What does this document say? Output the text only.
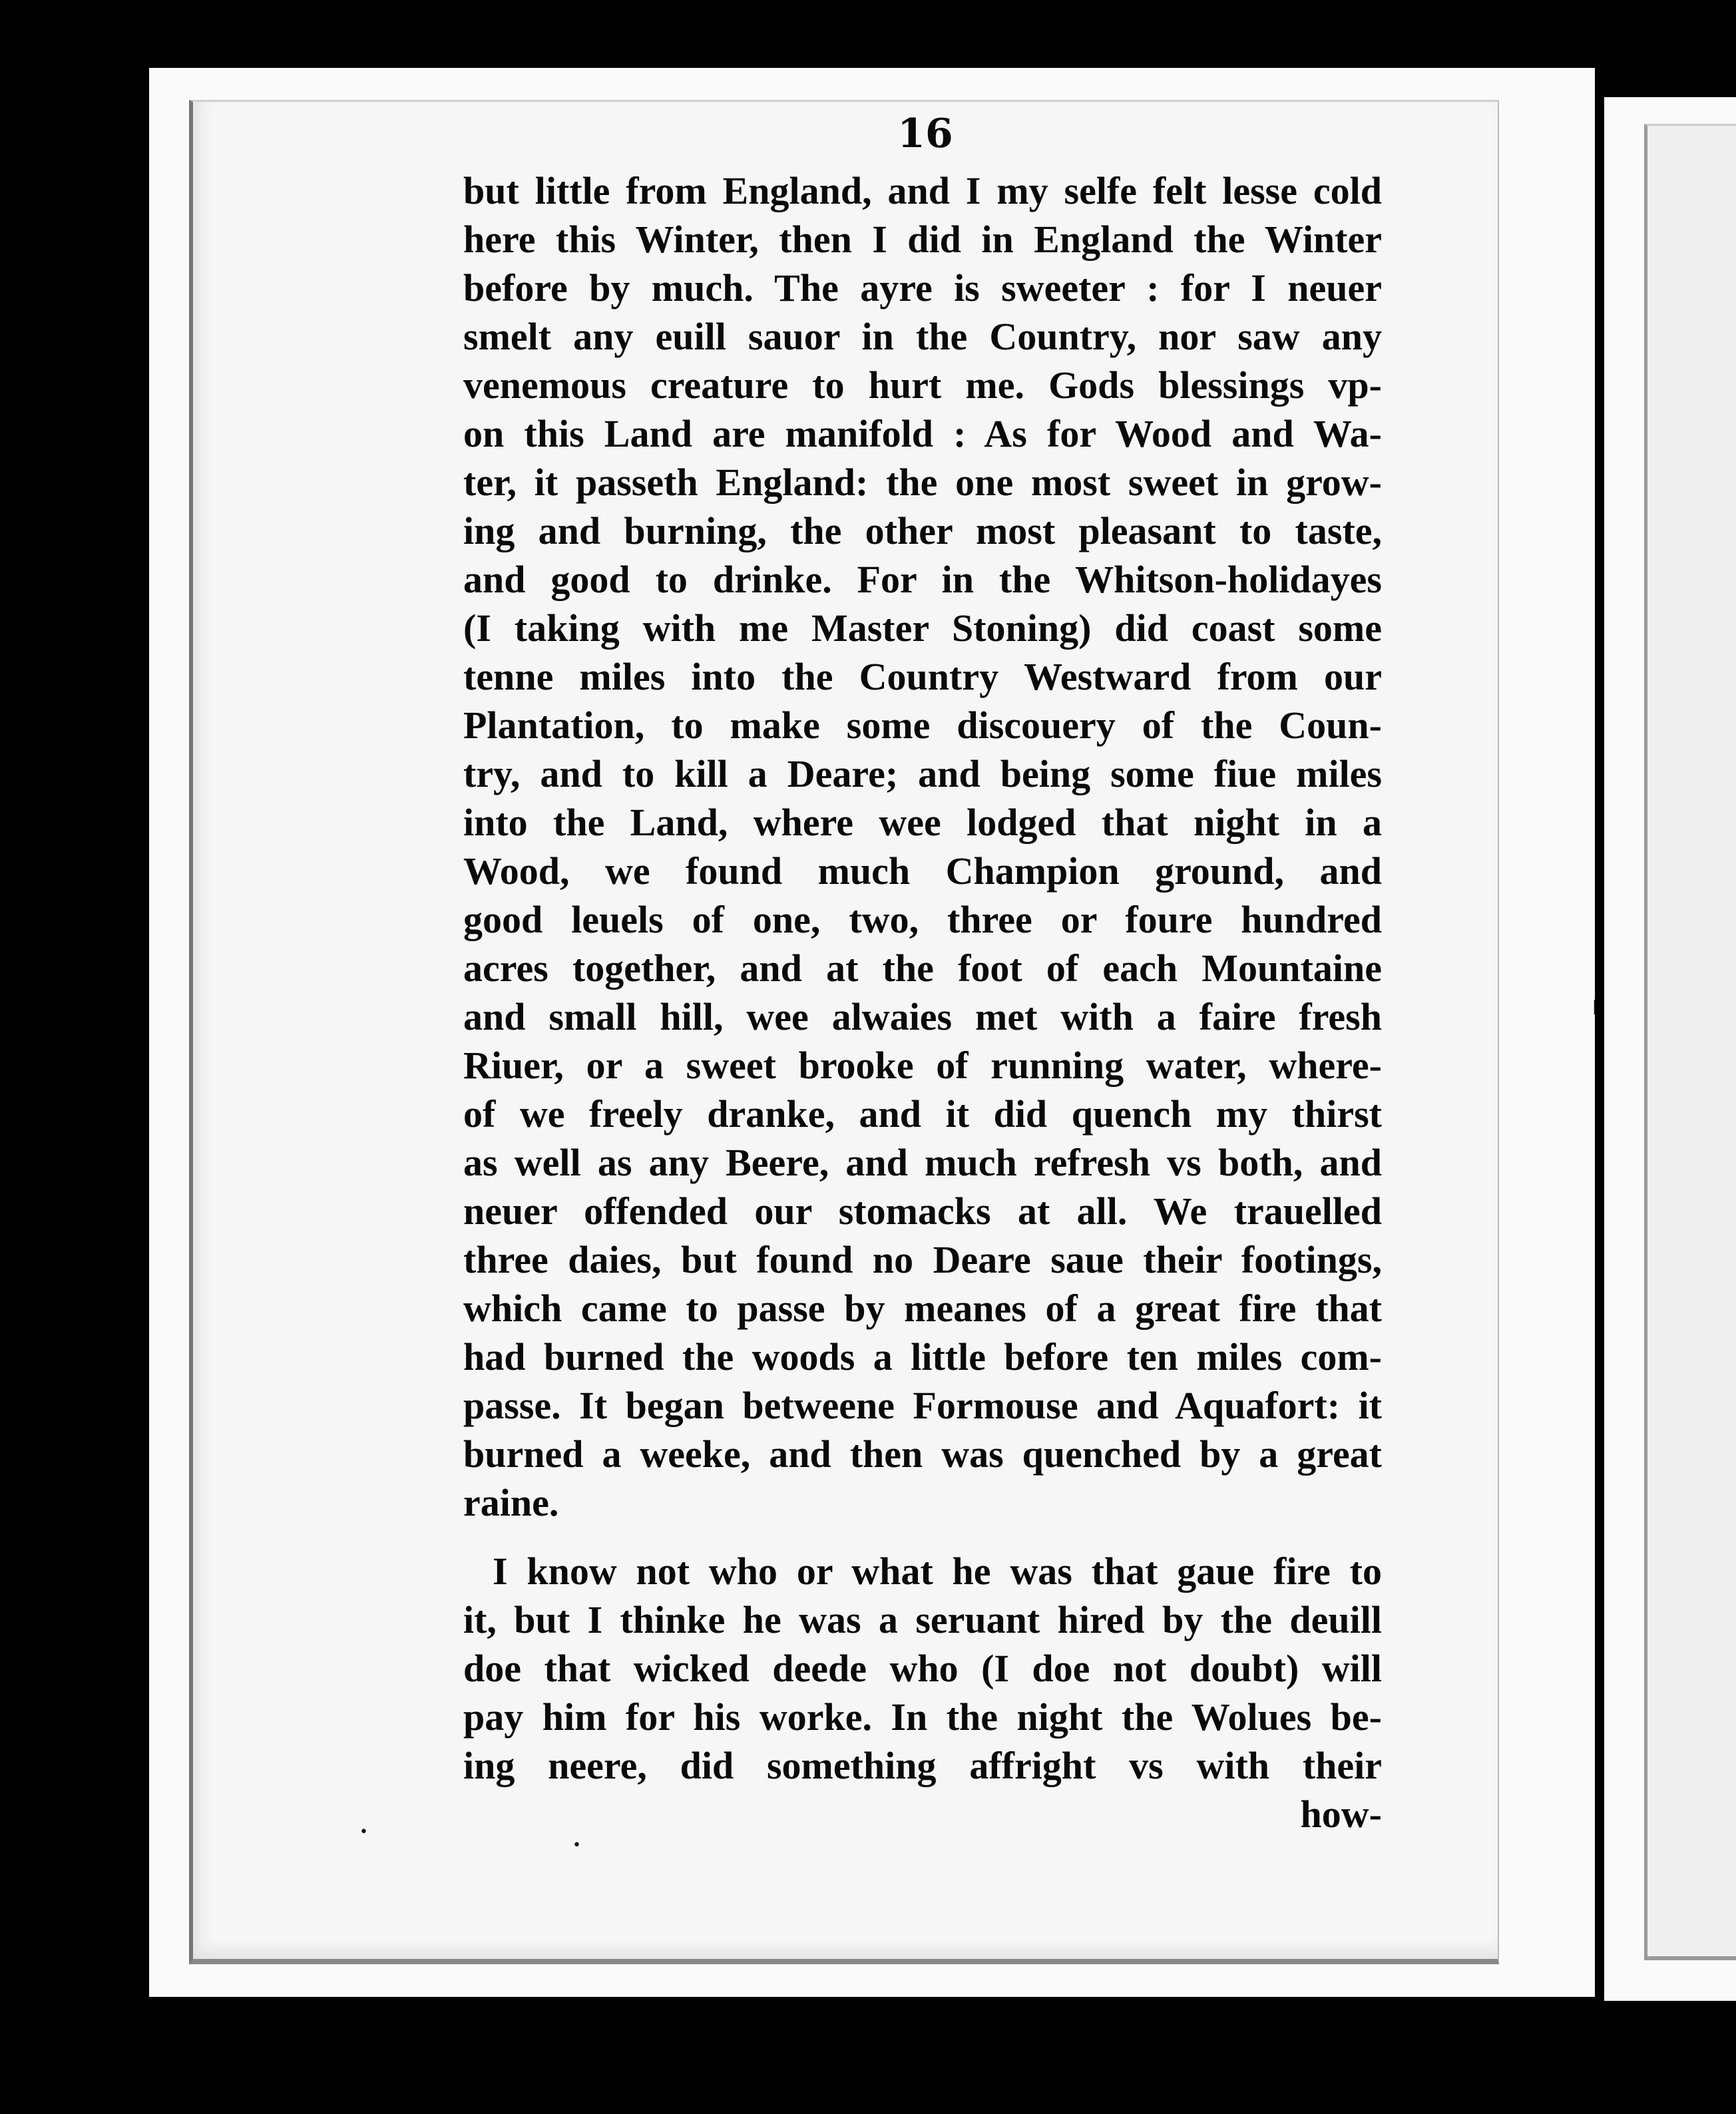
16
but little from England, and I my selfe felt lesse cold
here this Winter, then I did in England the Winter
before by much. The ayre is sweeter : for I neuer
smelt any euill sauor in the Country, nor saw any
venemous creature to hurt me. Gods blessings vp-
on this Land are manifold : As for Wood and Wa-
ter, it passeth England: the one most sweet in grow-
ing and burning, the other most pleasant to taste,
and good to drinke. For in the Whitson-holidayes
(I taking with me Master Stoning) did coast some
tenne miles into the Country Westward from our
Plantation, to make some discouery of the Coun-
try, and to kill a Deare; and being some fiue miles
into the Land, where wee lodged that night in a
Wood, we found much Champion ground, and
good leuels of one, two, three or foure hundred
acres together, and at the foot of each Mountaine
and small hill, wee alwaies met with a faire fresh
Riuer, or a sweet brooke of running water, where-
of we freely dranke, and it did quench my thirst
as well as any Beere, and much refresh vs both, and
neuer offended our stomacks at all. We trauelled
three daies, but found no Deare saue their footings,
which came to passe by meanes of a great fire that
had burned the woods a little before ten miles com-
passe. It began betweene Formouse and Aquafort: it
burned a weeke, and then was quenched by a great
raine.
I know not who or what he was that gaue fire to
it, but I thinke he was a seruant hired by the deuill
doe that wicked deede who (I doe not doubt) will
pay him for his worke. In the night the Wolues be-
ing neere, did something affright vs with their
how-
•
•
|
